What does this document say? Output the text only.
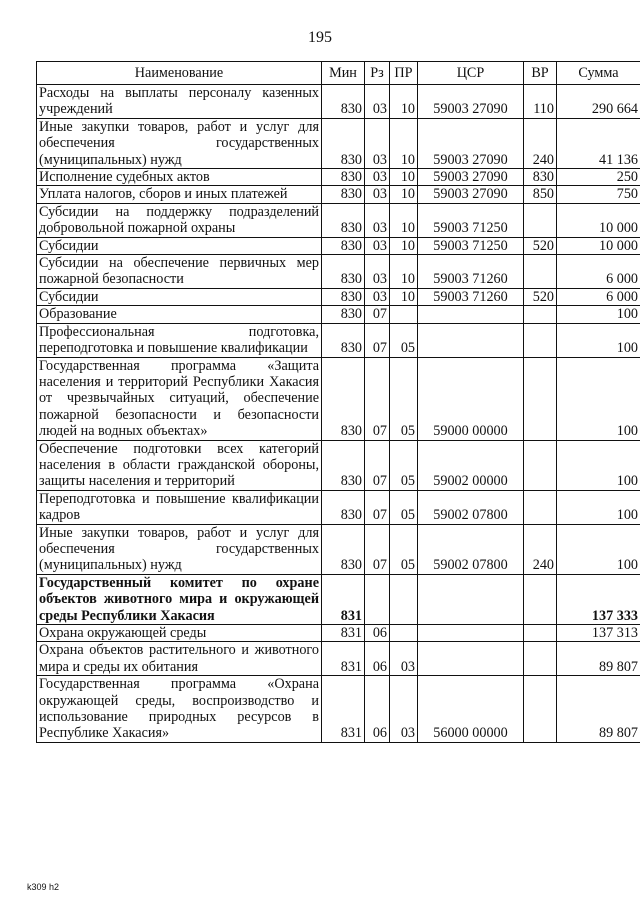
195
Наименование	Мин	Рз	ПР	ЦСР	ВР	Сумма
Расходы на выплаты персоналу казенных учреждений	830	03	10	59003 27090	110	290 664
Иные закупки товаров, работ и услуг для обеспечения государственных (муниципальных) нужд	830	03	10	59003 27090	240	41 136
Исполнение судебных актов	830	03	10	59003 27090	830	250
Уплата налогов, сборов и иных платежей	830	03	10	59003 27090	850	750
Субсидии на поддержку подразделений добровольной пожарной охраны	830	03	10	59003 71250		10 000
Субсидии	830	03	10	59003 71250	520	10 000
Субсидии на обеспечение первичных мер пожарной безопасности	830	03	10	59003 71260		6 000
Субсидии	830	03	10	59003 71260	520	6 000
Образование	830	07				100
Профессиональная подготовка, переподготовка и повышение квалификации	830	07	05			100
Государственная программа «Защита населения и территорий Республики Хакасия от чрезвычайных ситуаций, обеспечение пожарной безопасности и безопасности людей на водных объектах»	830	07	05	59000 00000		100
Обеспечение подготовки всех категорий населения в области гражданской обороны, защиты населения и территорий	830	07	05	59002 00000		100
Переподготовка и повышение квалификации кадров	830	07	05	59002 07800		100
Иные закупки товаров, работ и услуг для обеспечения государственных (муниципальных) нужд	830	07	05	59002 07800	240	100
Государственный комитет по охране объектов животного мира и окружающей среды Республики Хакасия	831					137 333
Охрана окружающей среды	831	06				137 313
Охрана объектов растительного и животного мира и среды их обитания	831	06	03			89 807
Государственная программа «Охрана окружающей среды, воспроизводство и использование природных ресурсов в Республике Хакасия»	831	06	03	56000 00000		89 807
k309 h2
